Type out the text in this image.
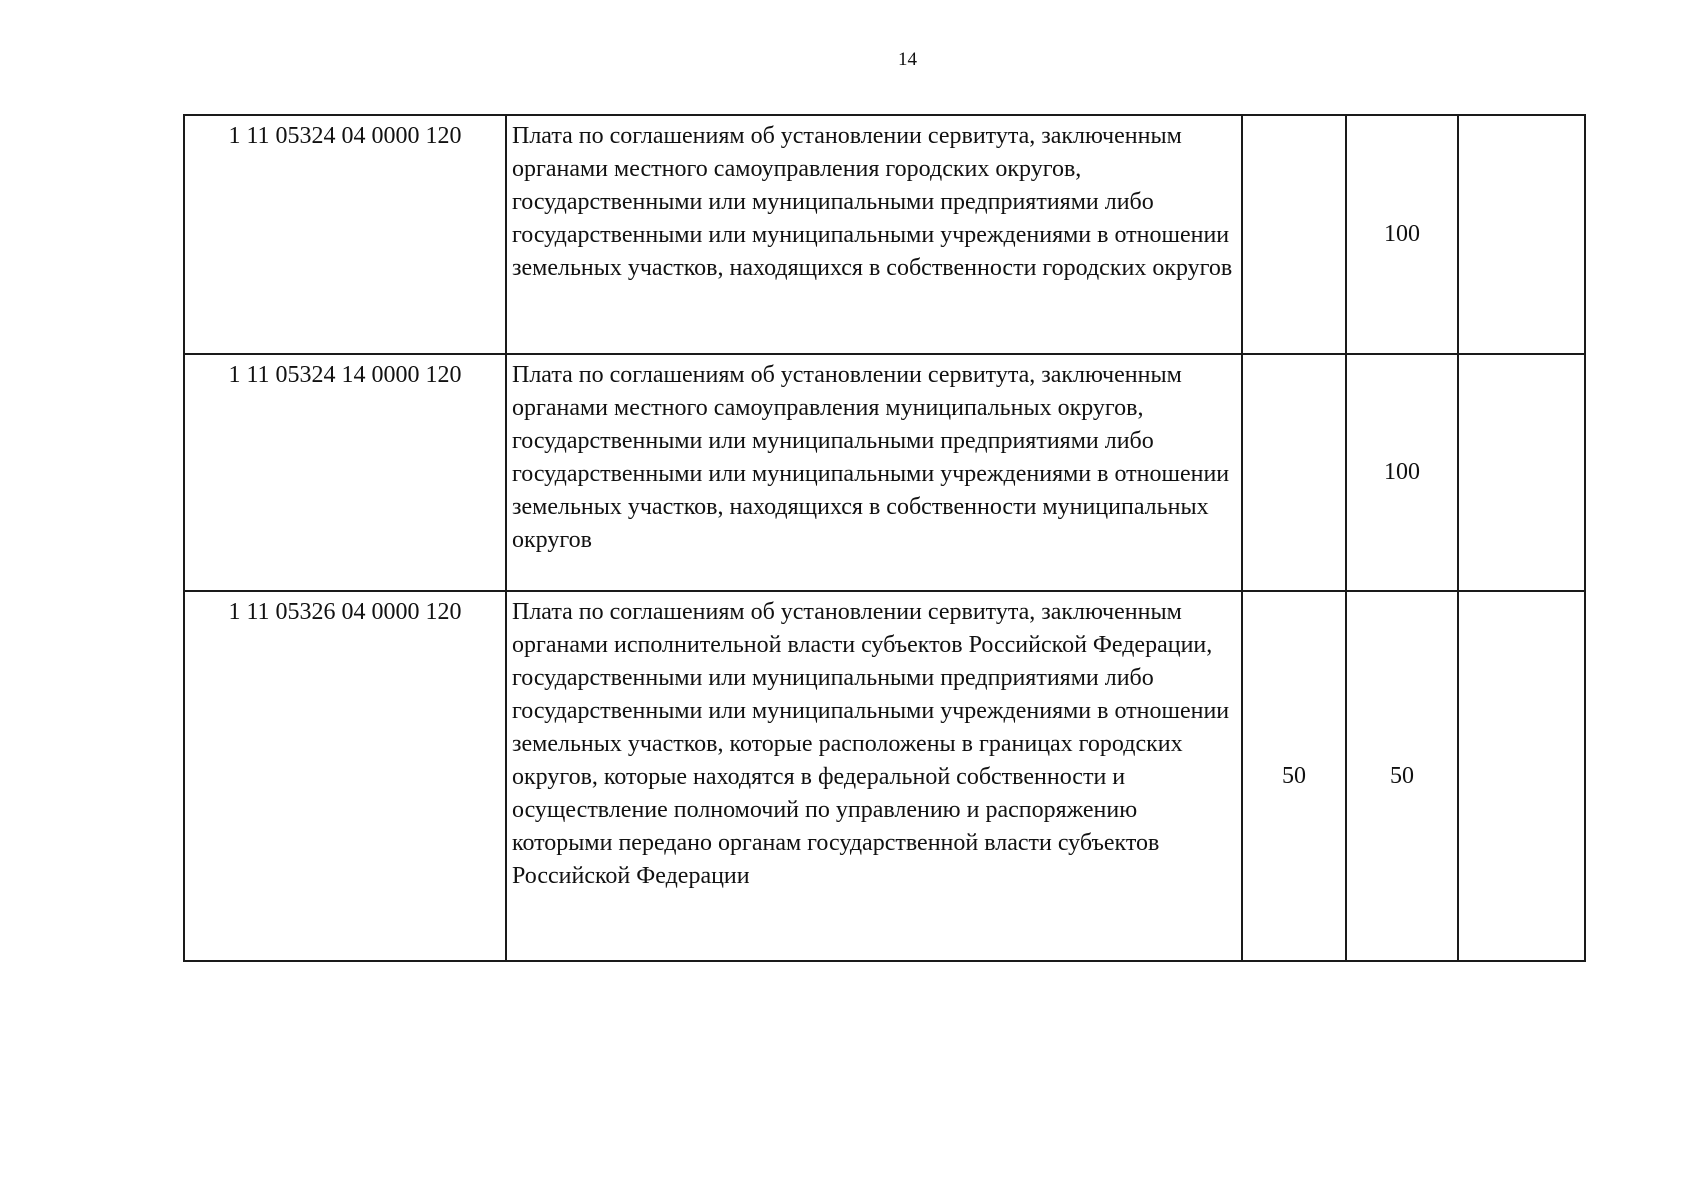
14
1 11 05324 04 0000 120	Плата по соглашениям об установлении сервитута, заключенным органами местного самоуправления городских округов, государственными или муниципальными предприятиями либо государственными или муниципальными учреждениями в отношении земельных участков, находящихся в собственности городских округов		100	
1 11 05324 14 0000 120	Плата по соглашениям об установлении сервитута, заключенным органами местного самоуправления муниципальных округов, государственными или муниципальными предприятиями либо государственными или муниципальными учреждениями в отношении земельных участков, находящихся в собственности муниципальных округов		100	
1 11 05326 04 0000 120	Плата по соглашениям об установлении сервитута, заключенным органами исполнительной власти субъектов Российской Федерации, государственными или муниципальными предприятиями либо государственными или муниципальными учреждениями в отношении земельных участков, которые расположены в границах городских округов, которые находятся в федеральной собственности и осуществление полномочий по управлению и распоряжению которыми передано органам государственной власти субъектов Российской Федерации	50	50	
